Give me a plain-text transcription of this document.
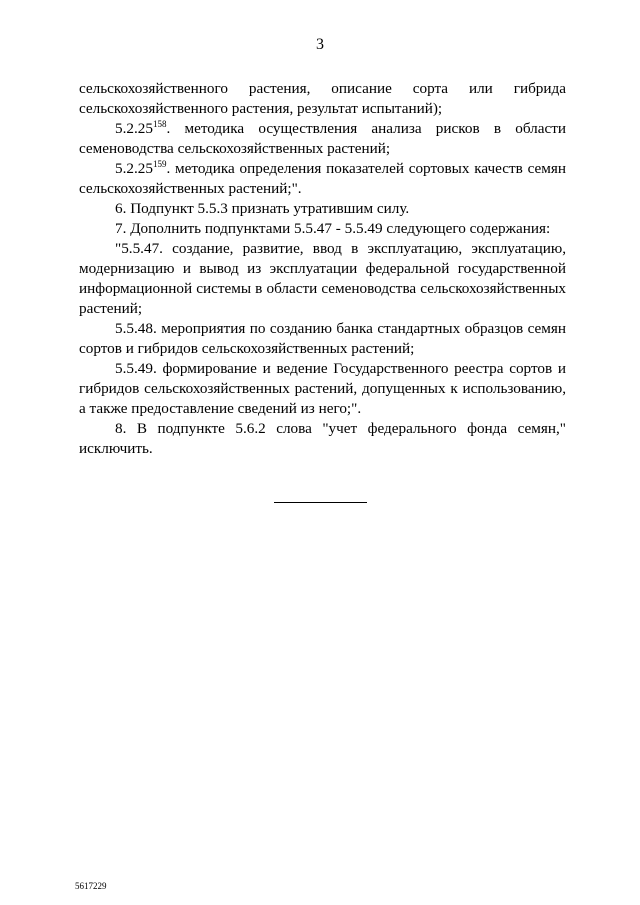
3

сельскохозяйственного растения, описание сорта или гибрида сельскохозяйственного растения, результат испытаний);

5.2.25$^{158}$. методика осуществления анализа рисков в области семеноводства сельскохозяйственных растений;

5.2.25$^{159}$. методика определения показателей сортовых качеств семян сельскохозяйственных растений;".

6. Подпункт 5.5.3 признать утратившим силу.

7. Дополнить подпунктами 5.5.47 - 5.5.49 следующего содержания:

"5.5.47. создание, развитие, ввод в эксплуатацию, эксплуатацию, модернизацию и вывод из эксплуатации федеральной государственной информационной системы в области семеноводства сельскохозяйственных растений;

5.5.48. мероприятия по созданию банка стандартных образцов семян сортов и гибридов сельскохозяйственных растений;

5.5.49. формирование и ведение Государственного реестра сортов и гибридов сельскохозяйственных растений, допущенных к использованию, а также предоставление сведений из него;".

8. В подпункте 5.6.2 слова "учет федерального фонда семян," исключить.

5617229
